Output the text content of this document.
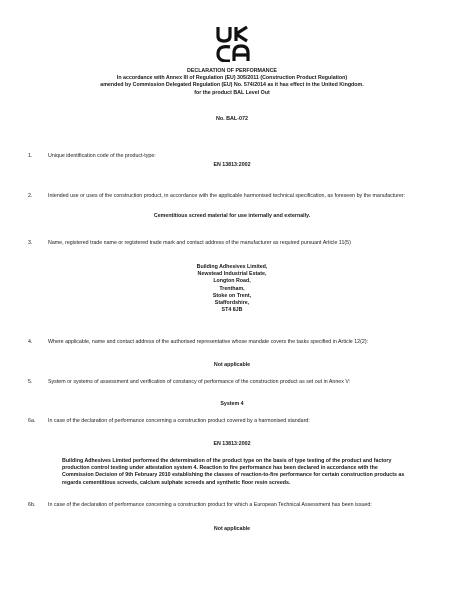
DECLARATION OF PERFORMANCE
In accordance with Annex III of Regulation (EU) 305/2011 (Construction Product Regulation)
amended by Commission Delegated Regulation (EU) No. 574/2014 as it has effect in the United Kingdom.
for the product BAL Level Out
No. BAL-072
1.	Unique identification code of the product-type:
EN 13813:2002
2.	Intended use or uses of the construction product, in accordance with the applicable harmonised technical specification, as foreseen by the manufacturer:
Cementitious screed material for use internally and externally.
3.	Name, registered trade name or registered trade mark and contact address of the manufacturer as required pursuant Article 11(5)
Building Adhesives Limited,
Newstead Industrial Estate,
Longton Road,
Trentham,
Stoke on Trent,
Staffordshire,
ST4 8JB
4.	Where applicable, name and contact address of the authorised representative whose mandate covers the tasks specified in Article 12(2):
Not applicable
5.	System or systems of assessment and verification of constancy of performance of the construction product as set out in Annex V:
System 4
6a.	In case of the declaration of performance concerning a construction product covered by a harmonised standard:
EN 13813:2002
Building Adhesives Limited performed the determination of the product type on the basis of type testing of the product and factory production control testing under attestation system 4. Reaction to fire performance has been declared in accordance with the Commission Decision of 9th February 2010 establishing the classes of reaction-to-fire performance for certain construction products as regards cementitious screeds, calcium sulphate screeds and synthetic floor resin screeds.
6b.	In case of the declaration of performance concerning a construction product for which a European Technical Assessment has been issued:
Not applicable
